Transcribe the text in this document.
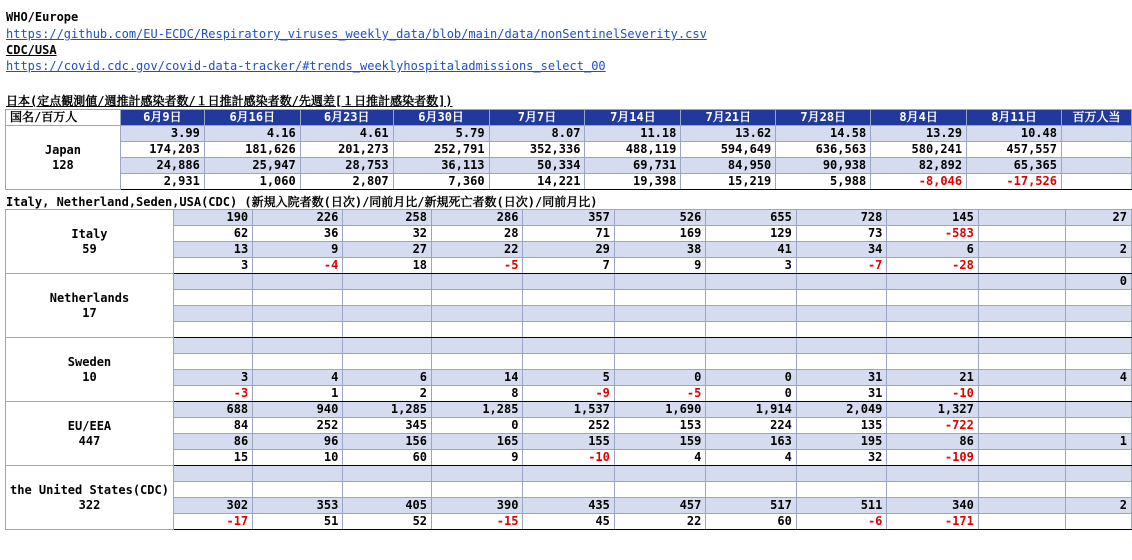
WHO/Europe
https://github.com/EU-ECDC/Respiratory_viruses_weekly_data/blob/main/data/nonSentinelSeverity.csv
CDC/USA
https://covid.cdc.gov/covid-data-tracker/#trends_weeklyhospitaladmissions_select_00
日本(定点観測値/週推計感染者数/１日推計感染者数/先週差[１日推計感染者数])
国名/百万人	6月9日	6月16日	6月23日	6月30日	7月7日	7月14日	7月21日	7月28日	8月4日	8月11日	百万人当

Japan
128	3.99	4.16	4.61	5.79	8.07	11.18	13.62	14.58	13.29	10.48	
	174,203	181,626	201,273	252,791	352,336	488,119	594,649	636,563	580,241	457,557	
	24,886	25,947	28,753	36,113	50,334	69,731	84,950	90,938	82,892	65,365	
	2,931	1,060	2,807	7,360	14,221	19,398	15,219	5,988	-8,046	-17,526	
Italy, Netherland,Seden,USA(CDC) (新規入院者数(日次)/同前月比/新規死亡者数(日次)/同前月比)
Italy
59	190	226	258	286	357	526	655	728	145		27
	62	36	32	28	71	169	129	73	-583		
	13	9	27	22	29	38	41	34	6		2
	3	-4	18	-5	7	9	3	-7	-28		

Netherlands
17											0

Sweden
10											

	3	4	6	14	5	0	0	31	21		4
	-3	1	2	8	-9	-5	0	31	-10		

EU/EEA
447	688	940	1,285	1,285	1,537	1,690	1,914	2,049	1,327		
	84	252	345	0	252	153	224	135	-722		
	86	96	156	165	155	159	163	195	86		1
	15	10	60	9	-10	4	4	32	-109		

the United States(CDC)
322											

	302	353	405	390	435	457	517	511	340		2
	-17	51	52	-15	45	22	60	-6	-171		
